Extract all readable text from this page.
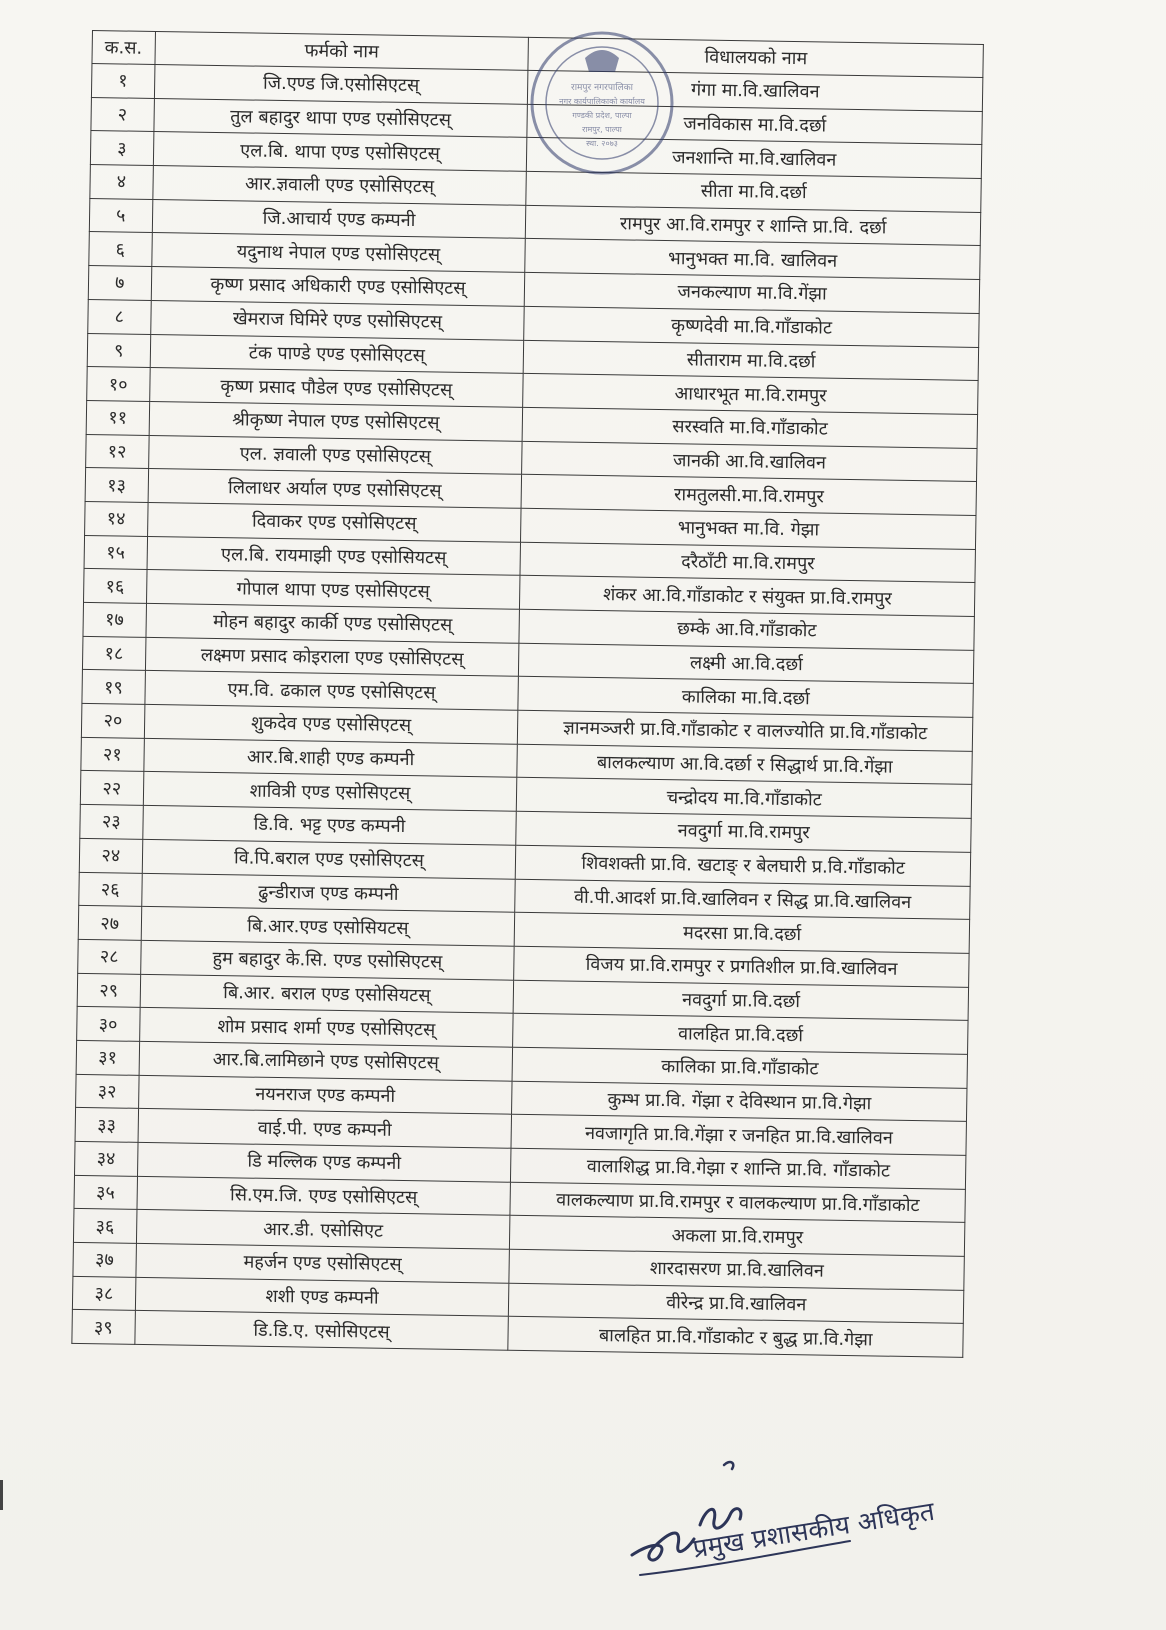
क.स.	फर्मको नाम	विधालयको नाम
१	जि.एण्ड जि.एसोसिएटस्	गंगा मा.वि.खालिवन
२	तुल बहादुर थापा एण्ड एसोसिएटस्	जनविकास मा.वि.दर्छा
३	एल.बि. थापा एण्ड एसोसिएटस्	जनशान्ति मा.वि.खालिवन
४	आर.ज्ञवाली एण्ड एसोसिएटस्	सीता मा.वि.दर्छा
५	जि.आचार्य एण्ड कम्पनी	रामपुर आ.वि.रामपुर र शान्ति प्रा.वि. दर्छा
६	यदुनाथ नेपाल एण्ड एसोसिएटस्	भानुभक्त मा.वि. खालिवन
७	कृष्ण प्रसाद अधिकारी एण्ड एसोसिएटस्	जनकल्याण मा.वि.गेंझा
८	खेमराज घिमिरे एण्ड एसोसिएटस्	कृष्णदेवी मा.वि.गाँडाकोट
९	टंक पाण्डे एण्ड एसोसिएटस्	सीताराम मा.वि.दर्छा
१०	कृष्ण प्रसाद पौडेल एण्ड एसोसिएटस्	आधारभूत मा.वि.रामपुर
११	श्रीकृष्ण नेपाल एण्ड एसोसिएटस्	सरस्वति मा.वि.गाँडाकोट
१२	एल. ज्ञवाली एण्ड एसोसिएटस्	जानकी आ.वि.खालिवन
१३	लिलाधर अर्याल एण्ड एसोसिएटस्	रामतुलसी.मा.वि.रामपुर
१४	दिवाकर एण्ड एसोसिएटस्	भानुभक्त मा.वि. गेझा
१५	एल.बि. रायमाझी एण्ड एसोसियटस्	दरैठाँटी मा.वि.रामपुर
१६	गोपाल थापा एण्ड एसोसिएटस्	शंकर आ.वि.गाँडाकोट र संयुक्त प्रा.वि.रामपुर
१७	मोहन बहादुर कार्की एण्ड एसोसिएटस्	छम्के आ.वि.गाँडाकोट
१८	लक्ष्मण प्रसाद कोइराला एण्ड एसोसिएटस्	लक्ष्मी आ.वि.दर्छा
१९	एम.वि. ढकाल एण्ड एसोसिएटस्	कालिका मा.वि.दर्छा
२०	शुकदेव एण्ड एसोसिएटस्	ज्ञानमञ्जरी प्रा.वि.गाँडाकोट र वालज्योति प्रा.वि.गाँडाकोट
२१	आर.बि.शाही एण्ड कम्पनी	बालकल्याण आ.वि.दर्छा र सिद्धार्थ प्रा.वि.गेंझा
२२	शावित्री एण्ड एसोसिएटस्	चन्द्रोदय मा.वि.गाँडाकोट
२३	डि.वि. भट्ट एण्ड कम्पनी	नवदुर्गा मा.वि.रामपुर
२४	वि.पि.बराल एण्ड एसोसिएटस्	शिवशक्ती प्रा.वि. खटाङ् र बेलघारी प्र.वि.गाँडाकोट
२६	ढुन्डीराज एण्ड कम्पनी	वी.पी.आदर्श प्रा.वि.खालिवन र सिद्ध प्रा.वि.खालिवन
२७	बि.आर.एण्ड एसोसियटस्	मदरसा प्रा.वि.दर्छा
२८	हुम बहादुर के.सि. एण्ड एसोसिएटस्	विजय प्रा.वि.रामपुर र प्रगतिशील प्रा.वि.खालिवन
२९	बि.आर. बराल एण्ड एसोसियटस्	नवदुर्गा प्रा.वि.दर्छा
३०	शोम प्रसाद शर्मा एण्ड एसोसिएटस्	वालहित प्रा.वि.दर्छा
३१	आर.बि.लामिछाने एण्ड एसोसिएटस्	कालिका प्रा.वि.गाँडाकोट
३२	नयनराज एण्ड कम्पनी	कुम्भ प्रा.वि. गेंझा र देविस्थान प्रा.वि.गेझा
३३	वाई.पी. एण्ड कम्पनी	नवजागृति प्रा.वि.गेंझा र जनहित प्रा.वि.खालिवन
३४	डि मल्लिक एण्ड कम्पनी	वालाशिद्ध प्रा.वि.गेझा र शान्ति प्रा.वि. गाँडाकोट
३५	सि.एम.जि. एण्ड एसोसिएटस्	वालकल्याण प्रा.वि.रामपुर र वालकल्याण प्रा.वि.गाँडाकोट
३६	आर.डी. एसोसिएट	अकला प्रा.वि.रामपुर
३७	महर्जन एण्ड एसोसिएटस्	शारदासरण प्रा.वि.खालिवन
३८	शशी एण्ड कम्पनी	वीरेन्द्र प्रा.वि.खालिवन
३९	डि.डि.ए. एसोसिएटस्	बालहित प्रा.वि.गाँडाकोट र बुद्ध प्रा.वि.गेझा
रामपुर नगरपालिका
नगर कार्यपालिकाको कार्यालय
गण्डकी प्रदेश, पाल्पा
रामपुर, पाल्पा
स्था. २०७३
प्रमुख प्रशासकीय अधिकृत
